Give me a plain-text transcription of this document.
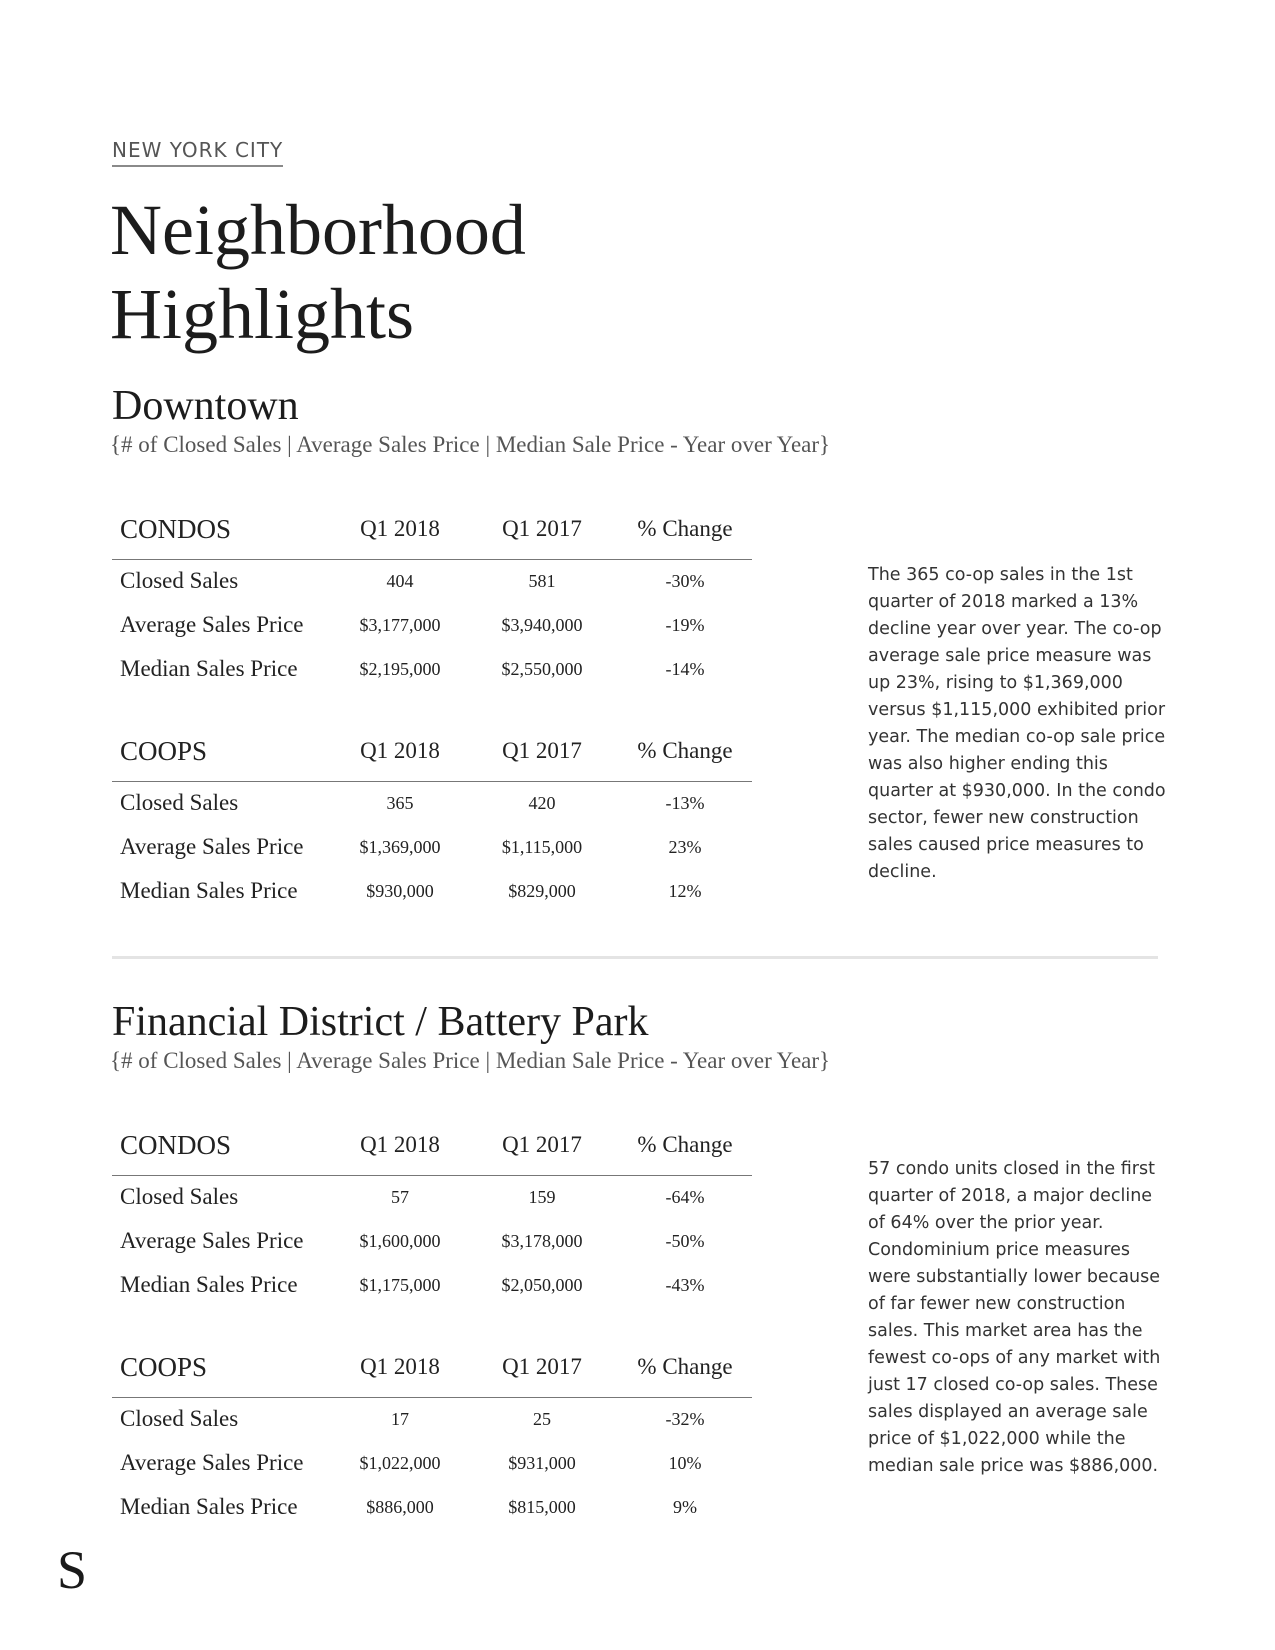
NEW YORK CITY
Neighborhood
Highlights
Downtown
{# of Closed Sales | Average Sales Price | Median Sale Price - Year over Year}
CONDOS	Q1 2018	Q1 2017	% Change
Closed Sales	404	581	-30%
Average Sales Price	$3,177,000	$3,940,000	-19%
Median Sales Price	$2,195,000	$2,550,000	-14%
COOPS	Q1 2018	Q1 2017	% Change
Closed Sales	365	420	-13%
Average Sales Price	$1,369,000	$1,115,000	23%
Median Sales Price	$930,000	$829,000	12%

The 365 co-op sales in the 1st quarter of 2018 marked a 13% decline year over year. The co-op average sale price measure was up 23%, rising to $1,369,000 versus $1,115,000 exhibited prior year. The median co-op sale price was also higher ending this quarter at $930,000. In the condo sector, fewer new construction sales caused price measures to decline.

Financial District / Battery Park
{# of Closed Sales | Average Sales Price | Median Sale Price - Year over Year}
CONDOS	Q1 2018	Q1 2017	% Change
Closed Sales	57	159	-64%
Average Sales Price	$1,600,000	$3,178,000	-50%
Median Sales Price	$1,175,000	$2,050,000	-43%
COOPS	Q1 2018	Q1 2017	% Change
Closed Sales	17	25	-32%
Average Sales Price	$1,022,000	$931,000	10%
Median Sales Price	$886,000	$815,000	9%

57 condo units closed in the first quarter of 2018, a major decline of 64% over the prior year. Condominium price measures were substantially lower because of far fewer new construction sales. This market area has the fewest co-ops of any market with just 17 closed co-op sales. These sales displayed an average sale price of $1,022,000 while the median sale price was $886,000.

S
